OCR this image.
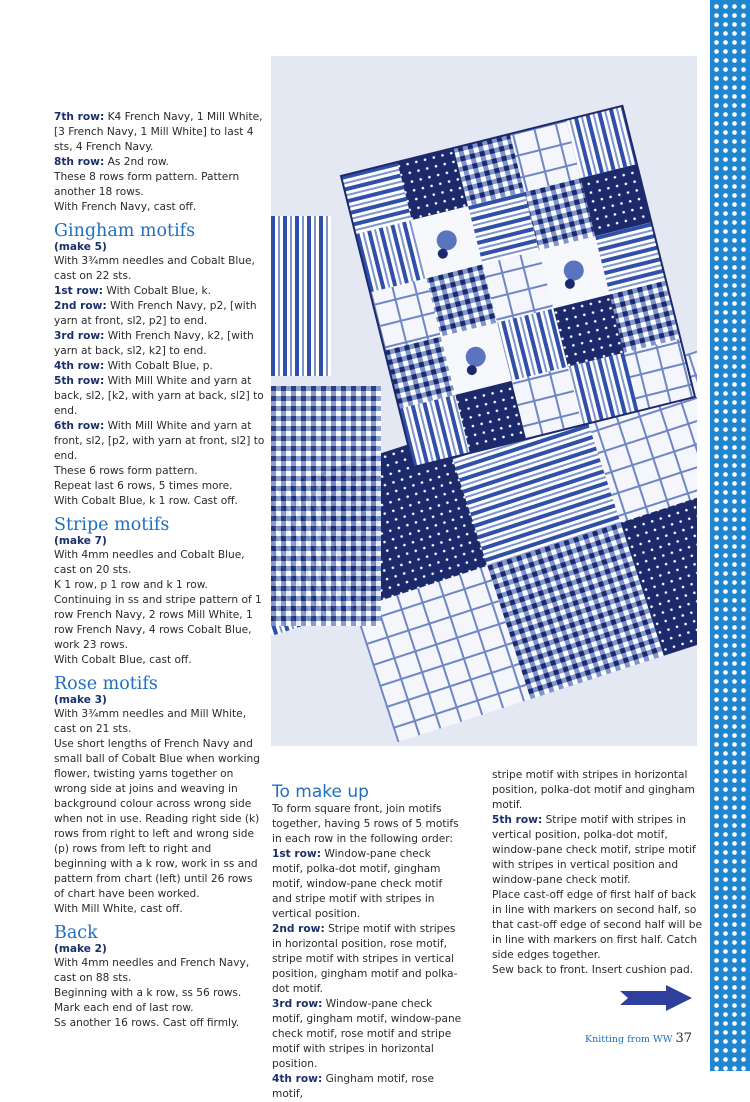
7th row: K4 French Navy, 1 Mill White, [3 French Navy, 1 Mill White] to last 4 sts, 4 French Navy.

8th row: As 2nd row.

These 8 rows form pattern. Pattern another 18 rows.

With French Navy, cast off.

Gingham motifs
(make 5)

With 3¾mm needles and Cobalt Blue, cast on 22 sts.

1st row: With Cobalt Blue, k.

2nd row: With French Navy, p2, [with yarn at front, sl2, p2] to end.

3rd row: With French Navy, k2, [with yarn at back, sl2, k2] to end.

4th row: With Cobalt Blue, p.

5th row: With Mill White and yarn at back, sl2, [k2, with yarn at back, sl2] to end.

6th row: With Mill White and yarn at front, sl2, [p2, with yarn at front, sl2] to end.

These 6 rows form pattern.

Repeat last 6 rows, 5 times more.

With Cobalt Blue, k 1 row. Cast off.

Stripe motifs
(make 7)

With 4mm needles and Cobalt Blue, cast on 20 sts.

K 1 row, p 1 row and k 1 row.

Continuing in ss and stripe pattern of 1 row French Navy, 2 rows Mill White, 1 row French Navy, 4 rows Cobalt Blue, work 23 rows.

With Cobalt Blue, cast off.

Rose motifs
(make 3)

With 3¾mm needles and Mill White, cast on 21 sts.

Use short lengths of French Navy and small ball of Cobalt Blue when working flower, twisting yarns together on wrong side at joins and weaving in background colour across wrong side when not in use. Reading right side (k) rows from right to left and wrong side (p) rows from left to right and beginning with a k row, work in ss and pattern from chart (left) until 26 rows of chart have been worked.

With Mill White, cast off.

Back
(make 2)

With 4mm needles and French Navy, cast on 88 sts.

Beginning with a k row, ss 56 rows.

Mark each end of last row.

Ss another 16 rows. Cast off firmly.

To make up

To form square front, join motifs together, having 5 rows of 5 motifs in each row in the following order:

1st row: Window-pane check motif, polka-dot motif, gingham motif, window-pane check motif and stripe motif with stripes in vertical position.

2nd row: Stripe motif with stripes in horizontal position, rose motif, stripe motif with stripes in vertical position, gingham motif and polka-dot motif.

3rd row: Window-pane check motif, gingham motif, window-pane check motif, rose motif and stripe motif with stripes in horizontal position.

4th row: Gingham motif, rose motif,

stripe motif with stripes in horizontal position, polka-dot motif and gingham motif.

5th row: Stripe motif with stripes in vertical position, polka-dot motif, window-pane check motif, stripe motif with stripes in vertical position and window-pane check motif.

Place cast-off edge of first half of back in line with markers on second half, so that cast-off edge of second half will be in line with markers on first half. Catch side edges together.

Sew back to front. Insert cushion pad.

Knitting from WW 37
